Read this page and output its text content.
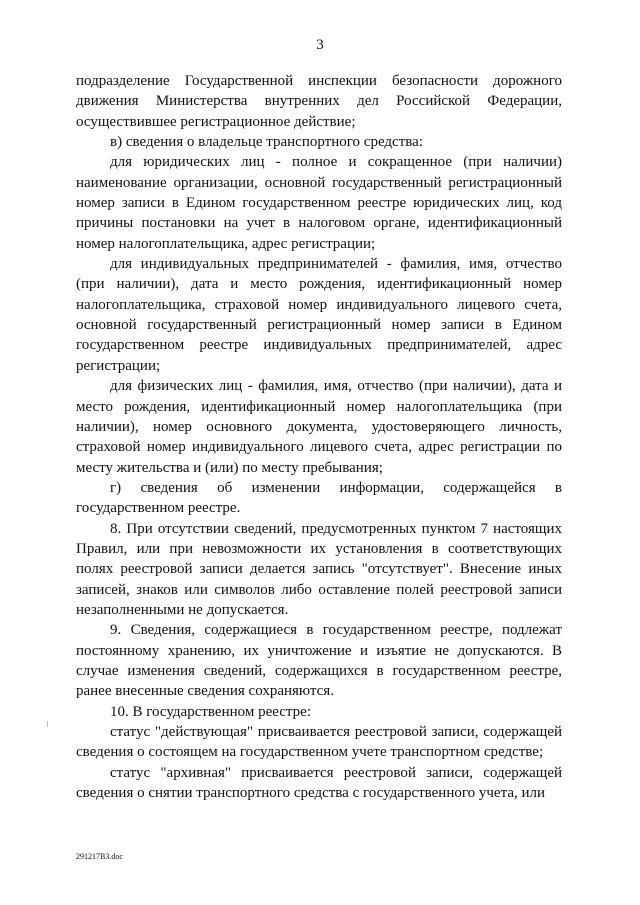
3

подразделение Государственной инспекции безопасности дорожного движения Министерства внутренних дел Российской Федерации, осуществившее регистрационное действие;

в) сведения о владельце транспортного средства:

для юридических лиц - полное и сокращенное (при наличии) наименование организации, основной государственный регистрационный номер записи в Едином государственном реестре юридических лиц, код причины постановки на учет в налоговом органе, идентификационный номер налогоплательщика, адрес регистрации;

для индивидуальных предпринимателей - фамилия, имя, отчество (при наличии), дата и место рождения, идентификационный номер налогоплательщика, страховой номер индивидуального лицевого счета, основной государственный регистрационный номер записи в Едином государственном реестре индивидуальных предпринимателей, адрес регистрации;

для физических лиц - фамилия, имя, отчество (при наличии), дата и место рождения, идентификационный номер налогоплательщика (при наличии), номер основного документа, удостоверяющего личность, страховой номер индивидуального лицевого счета, адрес регистрации по месту жительства и (или) по месту пребывания;

г) сведения об изменении информации, содержащейся в государственном реестре.

8. При отсутствии сведений, предусмотренных пунктом 7 настоящих Правил, или при невозможности их установления в соответствующих полях реестровой записи делается запись "отсутствует". Внесение иных записей, знаков или символов либо оставление полей реестровой записи незаполненными не допускается.

9. Сведения, содержащиеся в государственном реестре, подлежат постоянному хранению, их уничтожение и изъятие не допускаются. В случае изменения сведений, содержащихся в государственном реестре, ранее внесенные сведения сохраняются.

10. В государственном реестре:

статус "действующая" присваивается реестровой записи, содержащей сведения о состоящем на государственном учете транспортном средстве;

статус "архивная" присваивается реестровой записи, содержащей сведения о снятии транспортного средства с государственного учета, или

291217В3.doc
